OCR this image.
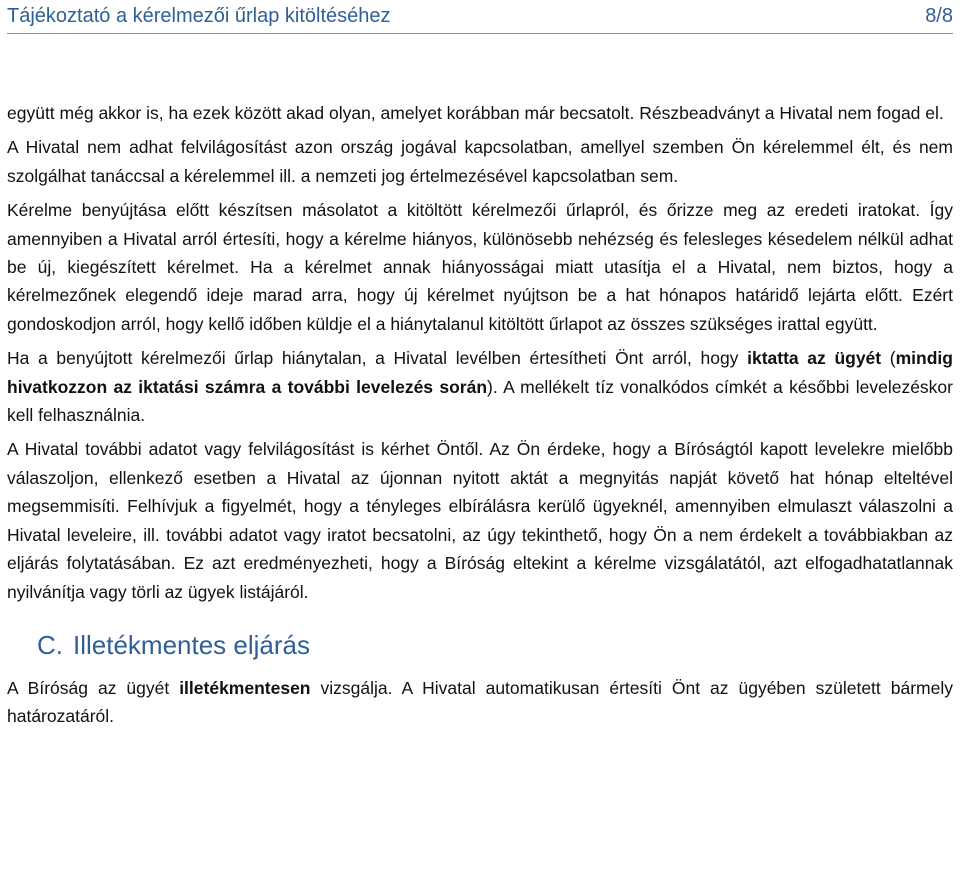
Tájékoztató a kérelmezői űrlap kitöltéséhez	8/8

együtt még akkor is, ha ezek között akad olyan, amelyet korábban már becsatolt. Részbeadványt a Hivatal nem fogad el.

A Hivatal nem adhat felvilágosítást azon ország jogával kapcsolatban, amellyel szemben Ön kérelemmel élt, és nem szolgálhat tanáccsal a kérelemmel ill. a nemzeti jog értelmezésével kapcsolatban sem.

Kérelme benyújtása előtt készítsen másolatot a kitöltött kérelmezői űrlapról, és őrizze meg az eredeti iratokat. Így amennyiben a Hivatal arról értesíti, hogy a kérelme hiányos, különösebb nehézség és felesleges késedelem nélkül adhat be új, kiegészített kérelmet. Ha a kérelmet annak hiányosságai miatt utasítja el a Hivatal, nem biztos, hogy a kérelmezőnek elegendő ideje marad arra, hogy új kérelmet nyújtson be a hat hónapos határidő lejárta előtt. Ezért gondoskodjon arról, hogy kellő időben küldje el a hiánytalanul kitöltött űrlapot az összes szükséges irattal együtt.

Ha a benyújtott kérelmezői űrlap hiánytalan, a Hivatal levélben értesítheti Önt arról, hogy iktatta az ügyét (mindig hivatkozzon az iktatási számra a további levelezés során). A mellékelt tíz vonalkódos címkét a későbbi levelezéskor kell felhasználnia.

A Hivatal további adatot vagy felvilágosítást is kérhet Öntől. Az Ön érdeke, hogy a Bíróságtól kapott levelekre mielőbb válaszoljon, ellenkező esetben a Hivatal az újonnan nyitott aktát a megnyitás napját követő hat hónap elteltével megsemmisíti. Felhívjuk a figyelmét, hogy a tényleges elbírálásra kerülő ügyeknél, amennyiben elmulaszt válaszolni a Hivatal leveleire, ill. további adatot vagy iratot becsatolni, az úgy tekinthető, hogy Ön a nem érdekelt a továbbiakban az eljárás folytatásában. Ez azt eredményezheti, hogy a Bíróság eltekint a kérelme vizsgálatától, azt elfogadhatatlannak nyilvánítja vagy törli az ügyek listájáról.

C. Illetékmentes eljárás

A Bíróság az ügyét illetékmentesen vizsgálja. A Hivatal automatikusan értesíti Önt az ügyében született bármely határozatáról.
